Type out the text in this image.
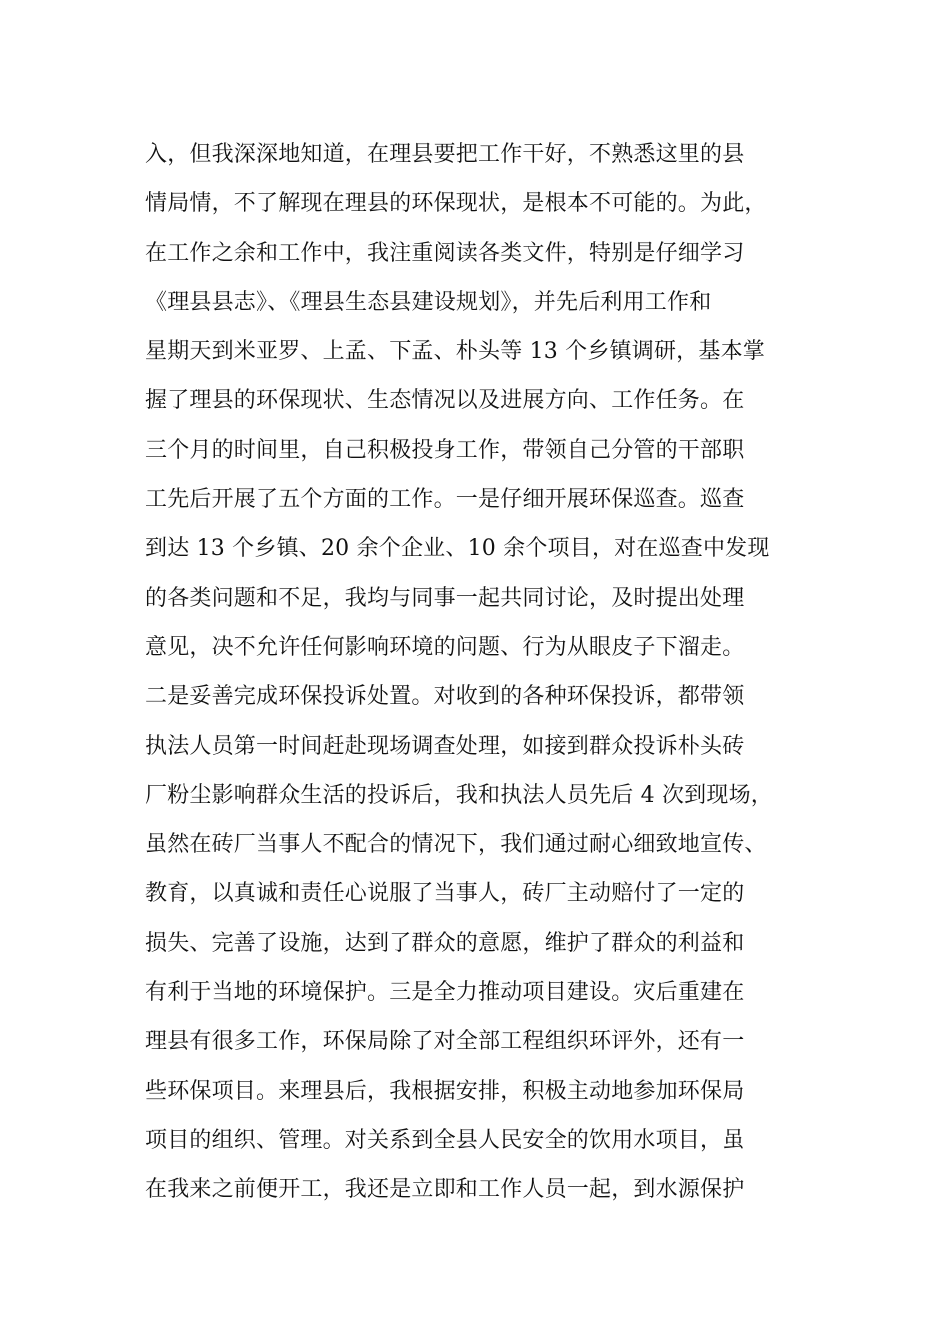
入，但我深深地知道，在理县要把工作干好，不熟悉这里的县
情局情，不了解现在理县的环保现状，是根本不可能的。为此，
在工作之余和工作中，我注重阅读各类文件，特别是仔细学习
《理县县志》、《理县生态县建设规划》，并先后利用工作和
星期天到米亚罗、上孟、下孟、朴头等 13 个乡镇调研，基本掌
握了理县的环保现状、生态情况以及进展方向、工作任务。在
三个月的时间里，自己积极投身工作，带领自己分管的干部职
工先后开展了五个方面的工作。一是仔细开展环保巡查。巡查
到达 13 个乡镇、20 余个企业、10 余个项目，对在巡查中发现
的各类问题和不足，我均与同事一起共同讨论，及时提出处理
意见，决不允许任何影响环境的问题、行为从眼皮子下溜走。
二是妥善完成环保投诉处置。对收到的各种环保投诉，都带领
执法人员第一时间赶赴现场调查处理，如接到群众投诉朴头砖
厂粉尘影响群众生活的投诉后，我和执法人员先后 4 次到现场，
虽然在砖厂当事人不配合的情况下，我们通过耐心细致地宣传、
教育，以真诚和责任心说服了当事人，砖厂主动赔付了一定的
损失、完善了设施，达到了群众的意愿，维护了群众的利益和
有利于当地的环境保护。三是全力推动项目建设。灾后重建在
理县有很多工作，环保局除了对全部工程组织环评外，还有一
些环保项目。来理县后，我根据安排，积极主动地参加环保局
项目的组织、管理。对关系到全县人民安全的饮用水项目，虽
在我来之前便开工，我还是立即和工作人员一起，到水源保护
